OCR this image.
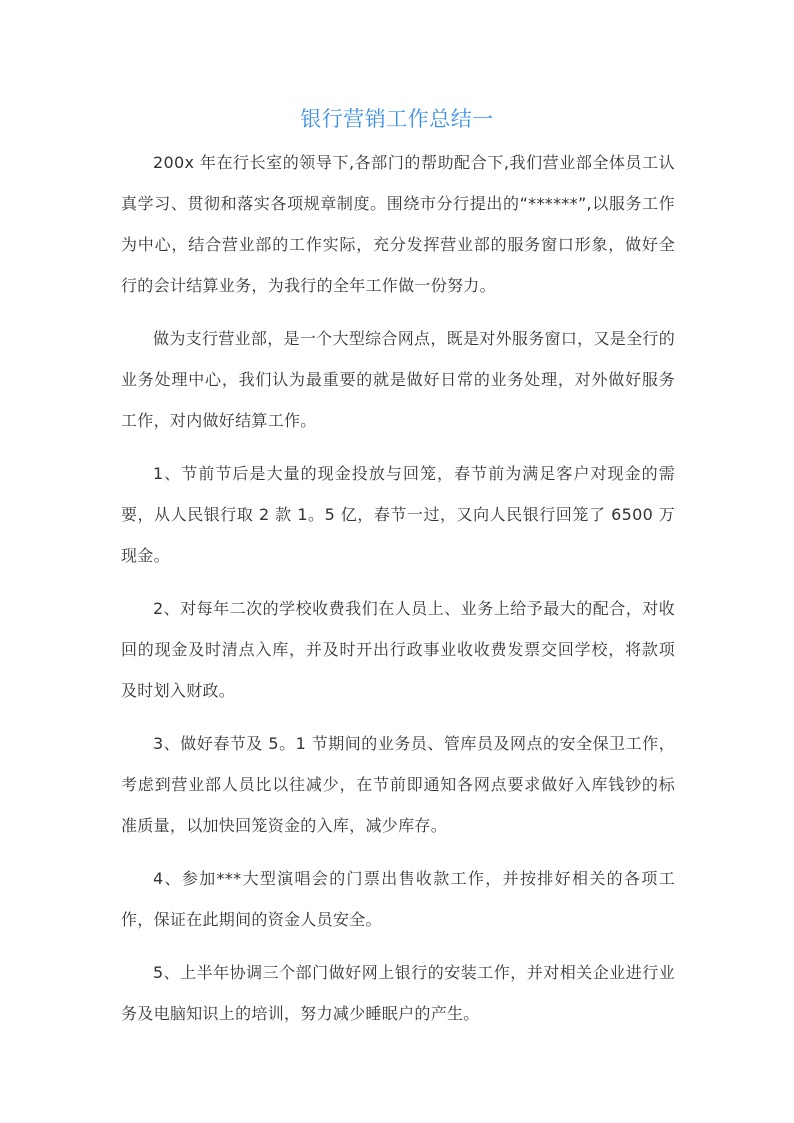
银行营销工作总结一

200x 年在行长室的领导下,各部门的帮助配合下,我们营业部全体员工认真学习、贯彻和落实各项规章制度。围绕市分行提出的“******”,以服务工作为中心，结合营业部的工作实际，充分发挥营业部的服务窗口形象，做好全行的会计结算业务，为我行的全年工作做一份努力。

做为支行营业部，是一个大型综合网点，既是对外服务窗口，又是全行的业务处理中心，我们认为最重要的就是做好日常的业务处理，对外做好服务工作，对内做好结算工作。

1、节前节后是大量的现金投放与回笼，春节前为满足客户对现金的需要，从人民银行取 2 款 1。5 亿，春节一过，又向人民银行回笼了 6500 万现金。

2、对每年二次的学校收费我们在人员上、业务上给予最大的配合，对收回的现金及时清点入库，并及时开出行政事业收收费发票交回学校，将款项及时划入财政。

3、做好春节及 5。1 节期间的业务员、管库员及网点的安全保卫工作，考虑到营业部人员比以往减少，在节前即通知各网点要求做好入库钱钞的标准质量，以加快回笼资金的入库，减少库存。

4、参加***大型演唱会的门票出售收款工作，并按排好相关的各项工作，保证在此期间的资金人员安全。

5、上半年协调三个部门做好网上银行的安装工作，并对相关企业进行业务及电脑知识上的培训，努力减少睡眠户的产生。
